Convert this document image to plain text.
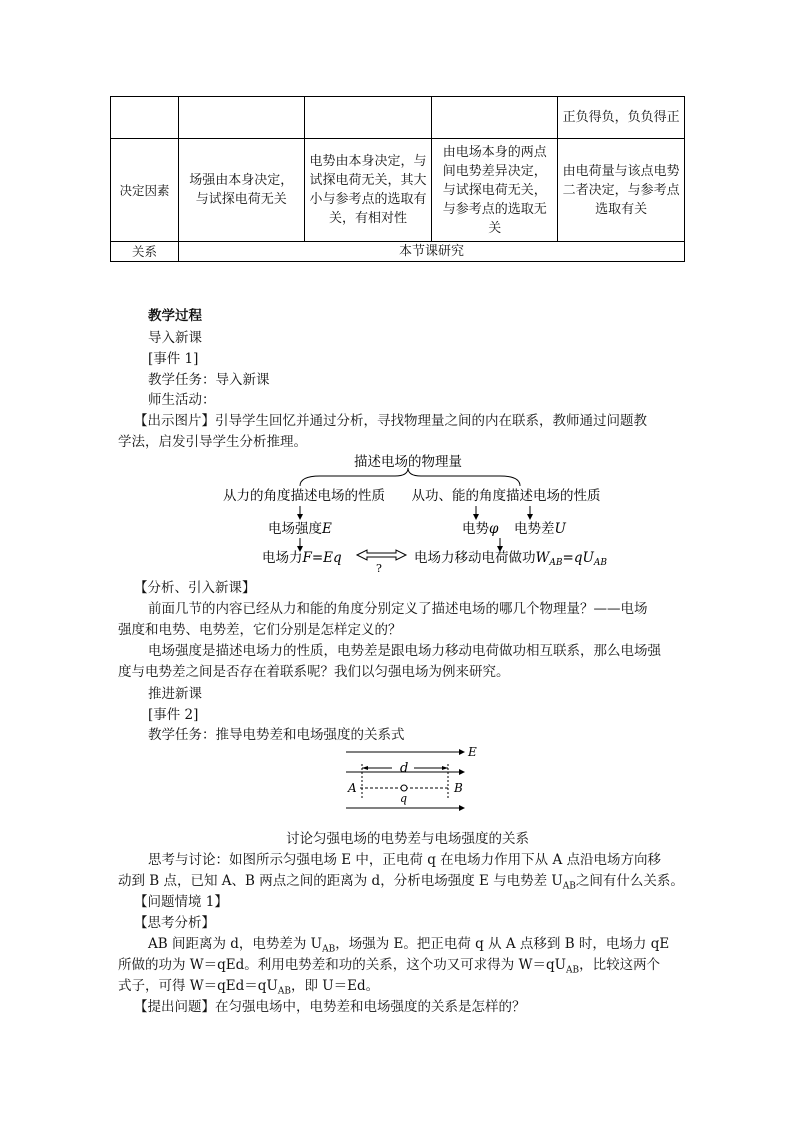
				正负得负，负负得正
决定因素	场强由本身决定，与试探电荷无关	电势由本身决定，与试探电荷无关，其大小与参考点的选取有关，有相对性	由电场本身的两点间电势差异决定，与试探电荷无关，与参考点的选取无关	由电荷量与该点电势二者决定，与参考点选取有关
关系	本节课研究			
教学过程
导入新课
[事件 1]
教学任务：导入新课
师生活动：
【出示图片】引导学生回忆并通过分析，寻找物理量之间的内在联系，教师通过问题教
学法，启发引导学生分析推理。
描述电场的物理量
从力的角度描述电场的性质 从功、能的角度描述电场的性质
电场强度E	电势φ 电势差U
电场力F=Eq
?
电场力移动电荷做功$W_{AB}=qU_{AB}$
【分析、引入新课】
前面几节的内容已经从力和能的角度分别定义了描述电场的哪几个物理量？——电场
强度和电势、电势差，它们分别是怎样定义的？
电场强度是描述电场力的性质，电势差是跟电场力移动电荷做功相互联系，那么电场强
度与电势差之间是否存在着联系呢？我们以匀强电场为例来研究。
推进新课
[事件 2]
教学任务：推导电势差和电场强度的关系式
E
d
A	B
q
讨论匀强电场的电势差与电场强度的关系
思考与讨论：如图所示匀强电场 E 中，正电荷 q 在电场力作用下从 A 点沿电场方向移
动到 B 点，已知 A、B 两点之间的距离为 d，分析电场强度 E 与电势差 $U_{AB}$之间有什么关系。
【问题情境 1】
【思考分析】
AB 间距离为 d，电势差为 $U_{AB}$，场强为 E。把正电荷 q 从 A 点移到 B 时，电场力 qE
所做的功为 W＝qEd。利用电势差和功的关系，这个功又可求得为 $W=qU_{AB}$，比较这两个
式子，可得 $W=qEd=qU_{AB}$，即 U＝Ed。
【提出问题】在匀强电场中，电势差和电场强度的关系是怎样的？
